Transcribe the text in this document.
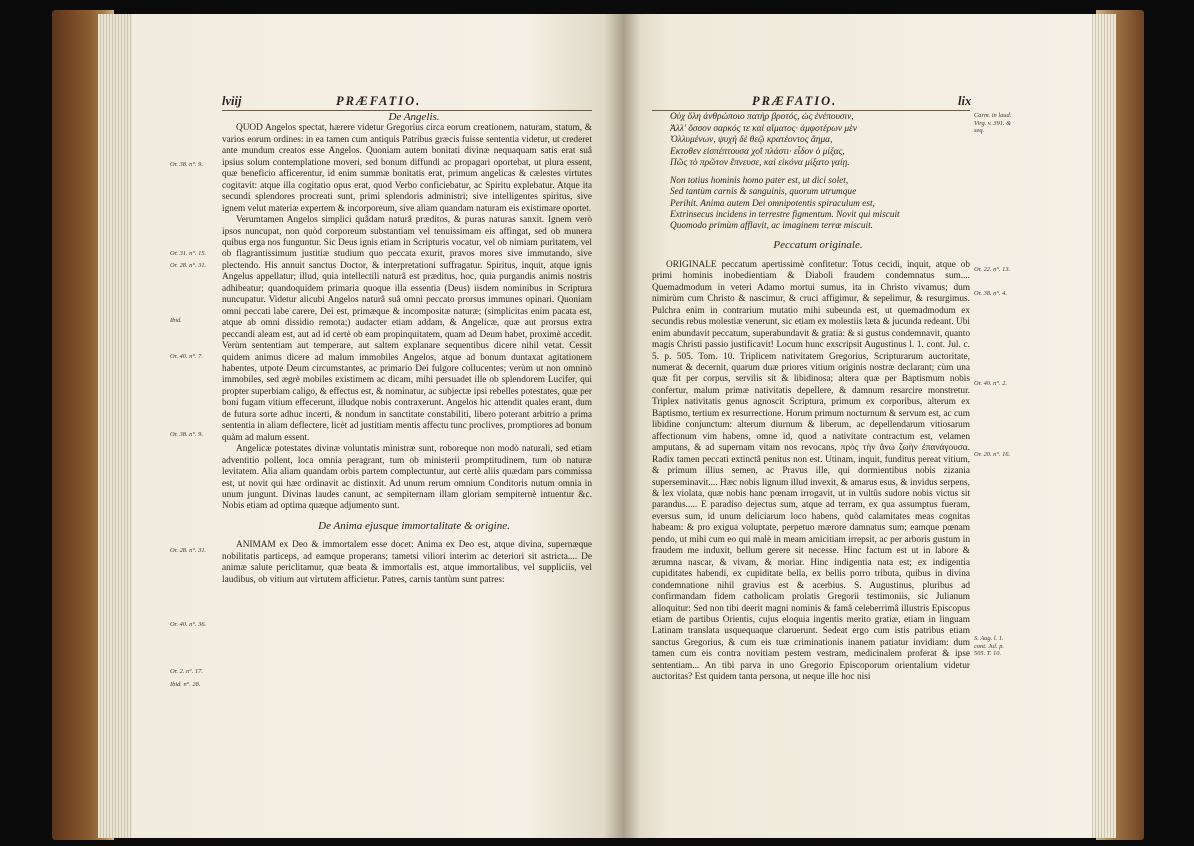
lviij	PRÆFATIO.
Or. 38. n°. 9.
Or. 31. n°. 15.
Or. 28. n°. 31.
Ibid.
Or. 40. n°. 7.
Or. 38. n°. 9.
Or. 28. n°. 31.
Or. 40. n°. 36.
Or. 2. n°. 17.
Ibid. n°. 28.

De Angelis.

QUOD Angelos spectat, hærere videtur Gregorius circa eorum creationem, naturam, statum, & varios eorum ordines: in ea tamen cum antiquis Patribus græcis fuisse sententia videtur, ut crederet ante mundum creatos esse Angelos. Quoniam autem bonitati divinæ nequaquam satis erat suâ ipsius solum contemplatione moveri, sed bonum diffundi ac propagari oportebat, ut plura essent, quæ beneficio afficerentur, id enim summæ bonitatis erat, primum angelicas & cælestes virtutes cogitavit: atque illa cogitatio opus erat, quod Verbo conficiebatur, ac Spiritu explebatur. Atque ita secundi splendores procreati sunt, primi splendoris administri; sive intelligentes spiritus, sive ignem velut materiæ expertem & incorporeum, sive aliam quandam naturam eis existimare oportet.

Verumtamen Angelos simplici quâdam naturâ præditos, & puras naturas sanxit. Ignem verò ipsos nuncupat, non quòd corporeum substantiam vel tenuissimam eis affingat, sed ob munera quibus erga nos funguntur. Sic Deus ignis etiam in Scripturis vocatur, vel ob nimiam puritatem, vel ob flagrantissimum justitiæ studium quo peccata exurit, pravos mores sive immutando, sive plectendo. His annuit sanctus Doctor, & interpretationi suffragatur. Spiritus, inquit, atque ignis Angelus appellatur; illud, quia intellectili naturâ est præditus, hoc, quia purgandis animis nostris adhibeatur; quandoquidem primaria quoque illa essentia (Deus) iisdem nominibus in Scriptura nuncupatur. Videtur alicubi Angelos naturâ suâ omni peccato prorsus immunes opinari. Quoniam omni peccati labe carere, Dei est, primæque & incompositæ naturæ; (simplicitas enim pacata est, atque ab omni dissidio remota;) audacter etiam addam, & Angelicæ, quæ aut prorsus extra peccandi aleam est, aut ad id certè ob eam propinquitatem, quam ad Deum habet, proximè accedit. Verùm sententiam aut temperare, aut saltem explanare sequentibus dicere nihil vetat. Cessit quidem animus dicere ad malum immobiles Angelos, atque ad bonum duntaxat agitationem habentes, utpote Deum circumstantes, ac primario Dei fulgore collucentes; verùm ut non omninò immobiles, sed ægrè mobiles existimem ac dicam, mihi persuadet ille ob splendorem Lucifer, qui propter superbiam caligo, & effectus est, & nominatur, ac subjectæ ipsi rebelles potestates, quæ per boni fugam vitium effecerunt, illudque nobis contraxerunt. Angelos hic attendit quales erant, dum de futura sorte adhuc incerti, & nondum in sanctitate constabiliti, libero poterant arbitrio a prima sententia in aliam deflectere, licèt ad justitiam mentis affectu tunc proclives, promptiores ad bonum quàm ad malum essent.

Angelicæ potestates divinæ voluntatis ministræ sunt, roboreque non modò naturali, sed etiam adventitio pollent, loca omnia peragrant, tum ob ministerii promptitudinem, tum ob naturæ levitatem. Alia aliam quandam orbis partem complectuntur, aut certè aliis quædam pars commissa est, ut novit qui hæc ordinavit ac distinxit. Ad unum rerum omnium Conditoris nutum omnia in unum jungunt. Divinas laudes canunt, ac sempiternam illam gloriam sempiternè intuentur &c. Nobis etiam ad optima quæque adjumento sunt.

De Anima ejusque immortalitate & origine.

ANIMAM ex Deo & immortalem esse docet: Anima ex Deo est, atque divina, supernæque nobilitatis particeps, ad eamque properans; tametsi viliori interim ac deteriori sit astricta.... De animæ salute periclitamur, quæ beata & immortalis est, atque immortalibus, vel suppliciis, vel laudibus, ob vitium aut virtutem afficietur. Patres, carnis tantùm sunt patres:

PRÆFATIO.	lix
Carm. in laud. Virg. v. 391. & seq.
Or. 22. n°. 13.
Or. 38. n°. 4.
Or. 40. n°. 2.
Or. 20. n°. 16.
S. Aug. l. 1. cont. Jul. p. 505. T. 10.
Οὐχ ὅλη ἀνθρώποιο πατὴρ βροτός, ὡς ἐνέπουσιν,
Ἀλλ' ὅσσον σαρκός τε καὶ αἵματος· ἀμφοτέρων μὲν
Ὀλλυμένων, ψυχὴ δὲ θεῷ κρατέοντος ἄημα,
Εκτοθεν εἰσπέπτουσα χοῒ πλάστι· εἶδον ὁ μίξας,
Πῶς τὸ πρῶτον ἔπνευσε, καὶ εἰκόνα μίξατο γαίῃ.
Non totius hominis homo pater est, ut dici solet,
Sed tantùm carnis & sanguinis, quorum utrumque
Perihit. Anima autem Dei omnipotentis spiraculum est,
Extrinsecus incidens in terrestre figmentum. Novit qui miscuit
Quomodo primùm afflavit, ac imaginem terræ miscuit.

Peccatum originale.

ORIGINALE peccatum apertissimè confitetur: Totus cecidi, inquit, atque ob primi hominis inobedientiam & Diaboli fraudem condemnatus sum.... Quemadmodum in veteri Adamo mortui sumus, ita in Christo vivamus; dum nimirùm cum Christo & nascimur, & cruci affigimur, & sepelimur, & resurgimus. Pulchra enim in contrarium mutatio mihi subeunda est, ut quemadmodum ex secundis rebus molestiæ venerunt, sic etiam ex molestiis læta & jucunda redeant. Ubi enim abundavit peccatum, superabundavit & gratia: & si gustus condemnavit, quanto magis Christi passio justificavit! Locum hunc exscripsit Augustinus l. 1. cont. Jul. c. 5. p. 505. Tom. 10. Triplicem nativitatem Gregorius, Scripturarum auctoritate, numerat & decernit, quarum duæ priores vitium originis nostræ declarant; cùm una quæ fit per corpus, servilis sit & libidinosa; altera quæ per Baptismum nobis confertur, malum primæ nativitatis depellere, & damnum resarcire monstretur. Triplex nativitatis genus agnoscit Scriptura, primum ex corporibus, alterum ex Baptismo, tertium ex resurrectione. Horum primum nocturnum & servum est, ac cum libidine conjunctum: alterum diurnum & liberum, ac depellendarum vitiosarum affectionum vim habens, omne id, quod a nativitate contractum est, velamen amputans, & ad supernam vitam nos revocans, πρὸς τὴν ἄνω ζωὴν ἐπανάγουσα. Radix tamen peccati extinctâ penitus non est. Utinam, inquit, funditus pereat vitium, & primum illius semen, ac Pravus ille, qui dormientibus nobis zizania superseminavit.... Hæc nobis lignum illud invexit, & amarus esus, & invidus serpens, & lex violata, quæ nobis hanc pœnam irrogavit, ut in vultûs sudore nobis victus sit parandus..... E paradiso dejectus sum, atque ad terram, ex qua assumptus fueram, eversus sum, id unum deliciarum loco habens, quòd calamitates meas cognitas habeam: & pro exigua voluptate, perpetuo mærore damnatus sum; eamque pœnam pendo, ut mihi cum eo qui malè in meam amicitiam irrepsit, ac per arboris gustum in fraudem me induxit, bellum gerere sit necesse. Hinc factum est ut in labore & ærumna nascar, & vivam, & moriar. Hinc indigentia nata est; ex indigentia cupiditates habendi, ex cupiditate bella, ex bellis porro tributa, quibus in divina condemnatione nihil gravius est & acerbius. S. Augustinus, pluribus ad confirmandam fidem catholicam prolatis Gregorii testimoniis, sic Julianum alloquitur: Sed non tibi deerit magni nominis & famâ celeberrimâ illustris Episcopus etiam de partibus Orientis, cujus eloquia ingentis merito gratiæ, etiam in linguam Latinam translata usquequaque claruerunt. Sedeat ergo cum istis patribus etiam sanctus Gregorius, & cum eis tuæ criminationis inanem patiatur invidiam: dum tamen cum eis contra novitiam pestem vestram, medicinalem proferat & ipse sententiam... An tibi parva in uno Gregorio Episcoporum orientalium videtur auctoritas? Est quidem tanta persona, ut neque ille hoc nisi
